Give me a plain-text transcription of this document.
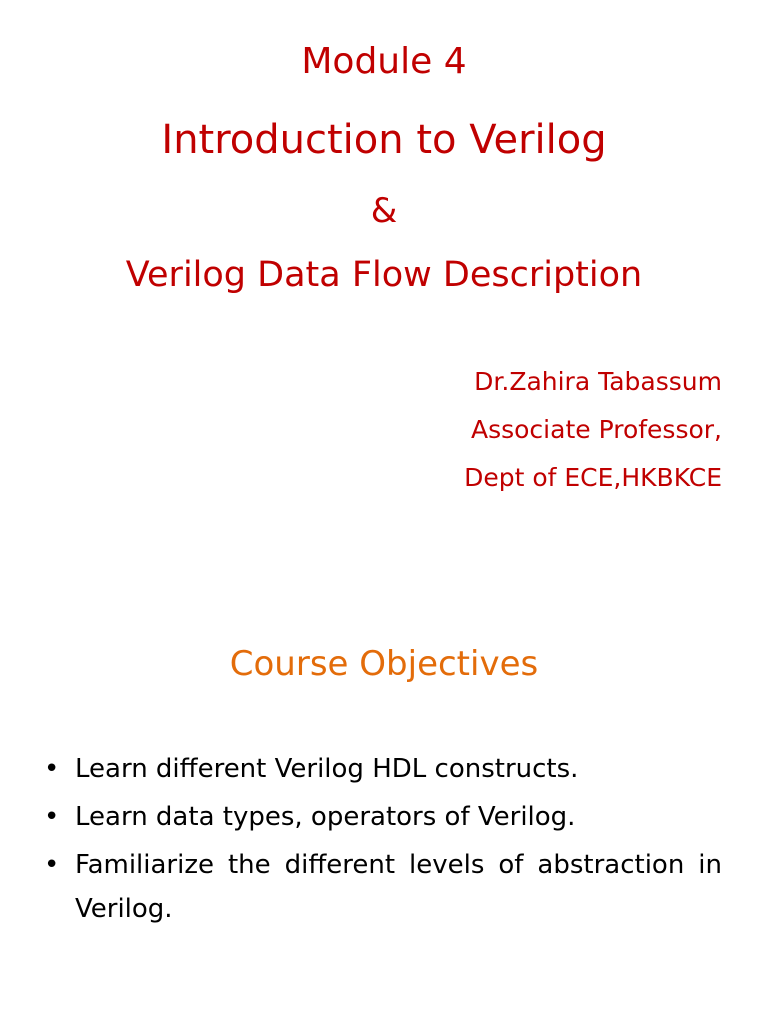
Module 4
Introduction to Verilog
&
Verilog Data Flow Description
Dr.Zahira Tabassum
Associate Professor,
Dept of ECE,HKBKCE
Course Objectives
• Learn different Verilog HDL constructs.
• Learn data types, operators of Verilog.
• Familiarize the different levels of abstraction in Verilog.
